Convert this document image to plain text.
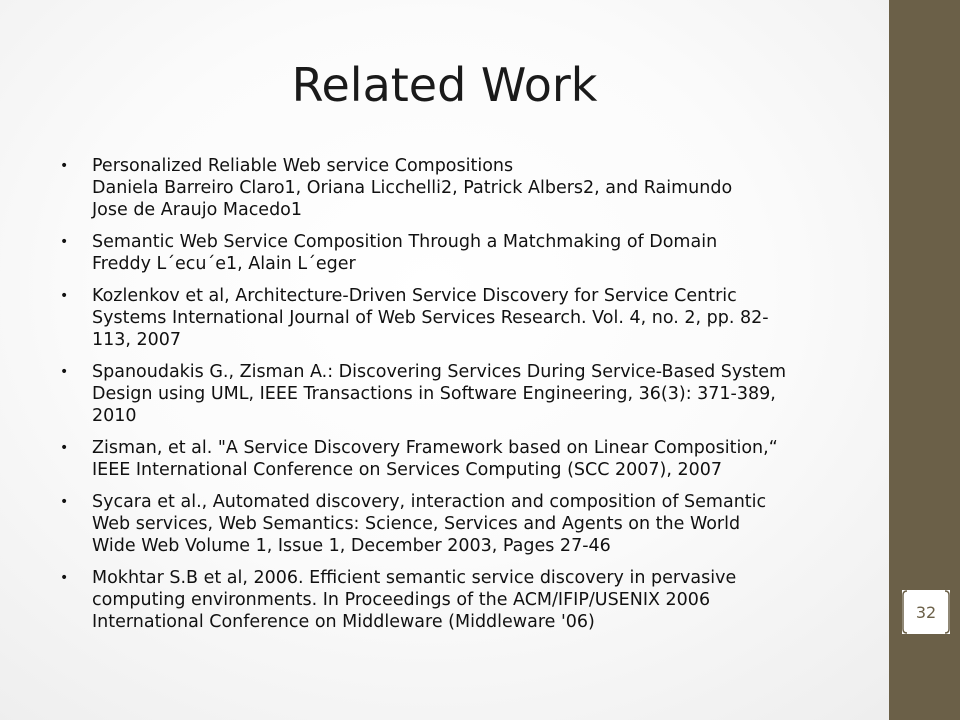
Related Work
• Personalized Reliable Web service Compositions
Daniela Barreiro Claro1, Oriana Licchelli2, Patrick Albers2, and Raimundo
Jose de Araujo Macedo1
• Semantic Web Service Composition Through a Matchmaking of Domain
Freddy L´ecu´e1, Alain L´eger
• Kozlenkov et al, Architecture-Driven Service Discovery for Service Centric
Systems International Journal of Web Services Research. Vol. 4, no. 2, pp. 82-
113, 2007
• Spanoudakis G., Zisman A.: Discovering Services During Service-Based System
Design using UML, IEEE Transactions in Software Engineering, 36(3): 371-389,
2010
• Zisman, et al. "A Service Discovery Framework based on Linear Composition,“
IEEE International Conference on Services Computing (SCC 2007), 2007
• Sycara et al., Automated discovery, interaction and composition of Semantic
Web services, Web Semantics: Science, Services and Agents on the World
Wide Web Volume 1, Issue 1, December 2003, Pages 27-46
• Mokhtar S.B et al, 2006. Efficient semantic service discovery in pervasive
computing environments. In Proceedings of the ACM/IFIP/USENIX 2006
International Conference on Middleware (Middleware '06)	32
